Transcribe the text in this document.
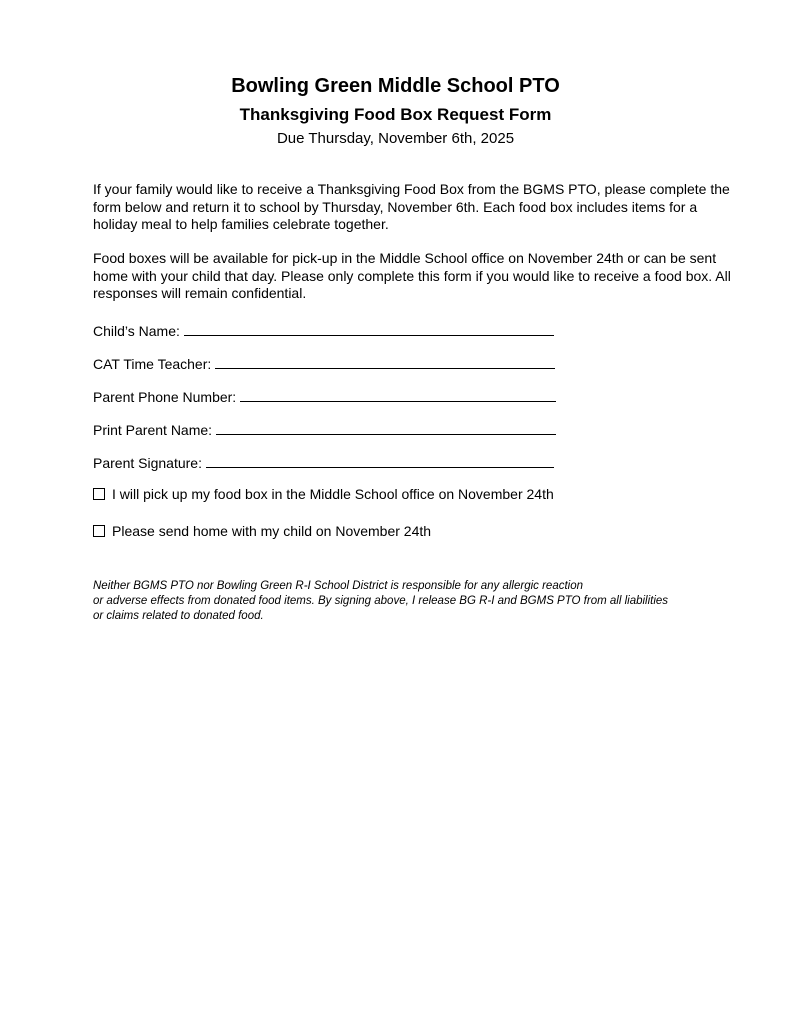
Bowling Green Middle School PTO
Thanksgiving Food Box Request Form
Due Thursday, November 6th, 2025

If your family would like to receive a Thanksgiving Food Box from the BGMS PTO, please complete the form below and return it to school by Thursday, November 6th. Each food box includes items for a holiday meal to help families celebrate together.

Food boxes will be available for pick-up in the Middle School office on November 24th or can be sent home with your child that day. Please only complete this form if you would like to receive a food box. All responses will remain confidential.

Child’s Name:
CAT Time Teacher:
Parent Phone Number:
Print Parent Name:
Parent Signature:
I will pick up my food box in the Middle School office on November 24th
Please send home with my child on November 24th
Neither BGMS PTO nor Bowling Green R-I School District is responsible for any allergic reaction
or adverse effects from donated food items. By signing above, I release BG R-I and BGMS PTO from all liabilities
or claims related to donated food.
